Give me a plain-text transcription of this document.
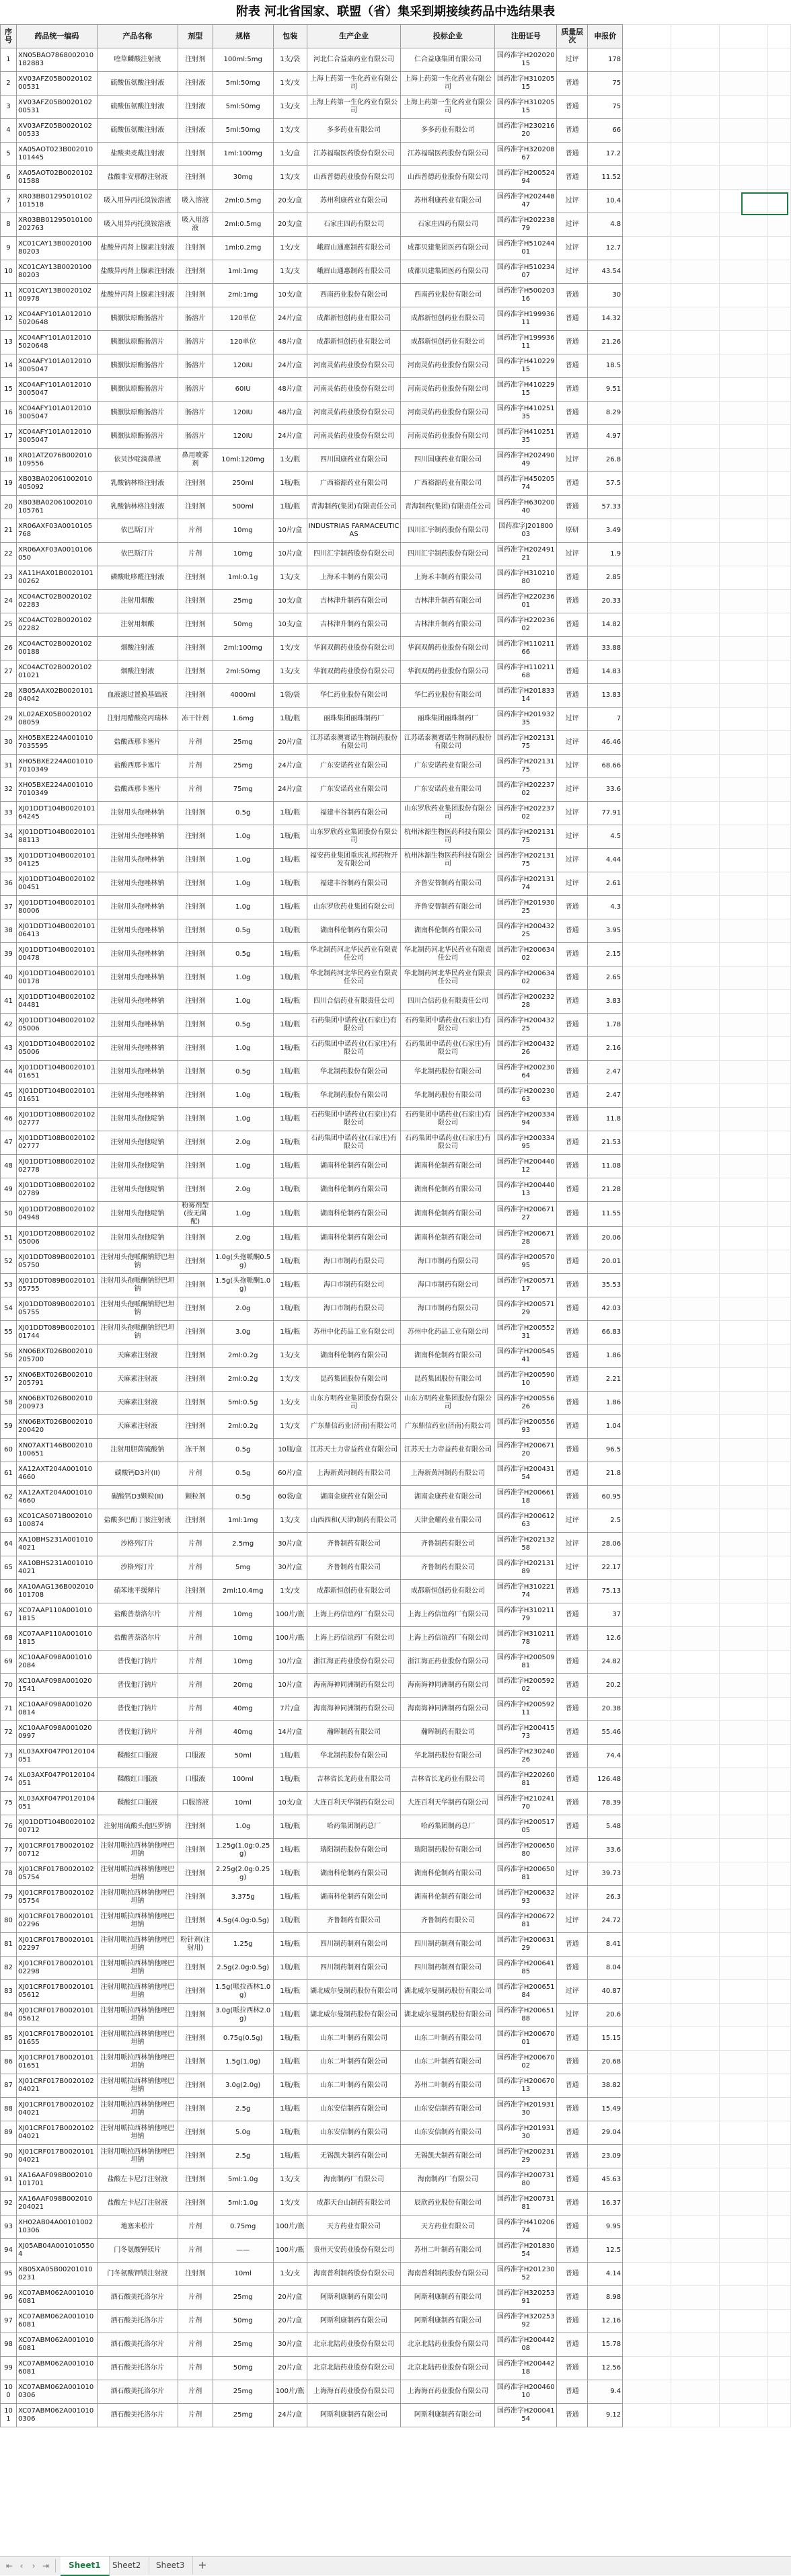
附表 河北省国家、联盟（省）集采到期接续药品中选结果表
序号	药品统一编码	产品名称	剂型	规格	包装	生产企业	投标企业	注册证号	质量层次	申报价				
1	XN05BAO7868002010182883	喹草麟酸注射液	注射剂	100ml:5mg	1支/袋	河北仁合益康药业有限公司	仁合益康集团有限公司	国药准字H20202015	过评	178				
2	XV03AFZ05B002010200531	硫酸伍氨酸注射液	注射液	5ml:50mg	1支/支	上海上药第一生化药业有限公司	上海上药第一生化药业有限公司	国药准字H31020515	普通	75				
3	XV03AFZ05B002010200531	硫酸伍氨酸注射液	注射液	5ml:50mg	1支/支	上海上药第一生化药业有限公司	上海上药第一生化药业有限公司	国药准字H31020515	普通	75				
4	XV03AFZ05B002010200533	硫酸伍氨酸注射液	注射液	5ml:50mg	1支/支	多多药业有限公司	多多药业有限公司	国药准字H23021620	普通	66				
5	XA05AOT023B002010101445	盐酸卖麦戴注射液	注射剂	1ml:100mg	1支/盒	江苏福瑞医药股份有限公司	江苏福瑞医药股份有限公司	国药准字H32020867	普通	17.2				
6	XA05AOT02B002010201588	盐酸非安那醇注射液	注射剂	30mg	1支/支	山西普德药业股份有限公司	山西普德药业股份有限公司	国药准字H20052494	普通	11.52				
7	XR03BB01295010102101518	吸入用异丙托溴铵溶液	吸入溶液	2ml:0.5mg	20支/盒	苏州利康药业有限公司	苏州利康药业有限公司	国药准字H20244847	过评	10.4				
8	XR03BB01295010100202763	吸入用异丙托溴铵溶液	吸入用溶液	2ml:0.5mg	20支/盒	石家庄四药有限公司	石家庄四药有限公司	国药准字H20223879	过评	4.8				
9	XC01CAY13B002010080203	盐酸异丙肾上腺素注射液	注射剂	1ml:0.2mg	1支/支	峨眉山通惠制药有限公司	成都贝建集团医药有限公司	国药准字H51024401	过评	12.7				
10	XC01CAY13B002010080203	盐酸异丙肾上腺素注射液	注射剂	1ml:1mg	1支/支	峨眉山通惠制药有限公司	成都贝建集团医药有限公司	国药准字H51023407	过评	43.54				
11	XC01CAY13B002010200978	盐酸异丙肾上腺素注射液	注射剂	2ml:1mg	10支/盒	西南药业股份有限公司	西南药业股份有限公司	国药准字H50020316	普通	30				
12	XC04AFY101A0120105020648	胰激肽原酶肠溶片	肠溶片	120单位	24片/盒	成都新恒创药业有限公司	成都新恒创药业有限公司	国药准字H19993611	普通	14.32				
13	XC04AFY101A0120105020648	胰激肽原酶肠溶片	肠溶片	120单位	48片/盒	成都新恒创药业有限公司	成都新恒创药业有限公司	国药准字H19993611	普通	21.26				
14	XC04AFY101A0120103005047	胰激肽原酶肠溶片	肠溶片	120IU	24片/盒	河南灵佑药业股份有限公司	河南灵佑药业股份有限公司	国药准字H41022915	普通	18.5				
15	XC04AFY101A0120103005047	胰激肽原酶肠溶片	肠溶片	60IU	48片/盒	河南灵佑药业股份有限公司	河南灵佑药业股份有限公司	国药准字H41022915	普通	9.51				
16	XC04AFY101A0120103005047	胰激肽原酶肠溶片	肠溶片	120IU	48片/盒	河南灵佑药业股份有限公司	河南灵佑药业股份有限公司	国药准字H41025135	普通	8.29				
17	XC04AFY101A0120103005047	胰激肽原酶肠溶片	肠溶片	120IU	24片/盒	河南灵佑药业股份有限公司	河南灵佑药业股份有限公司	国药准字H41025135	普通	4.97				
18	XR01ATZ076B002010109556	依贝沙啶滴鼻液	鼻用喷雾剂	10ml:120mg	1支/瓶	四川国康药业有限公司	四川国康药业有限公司	国药准字H20249049	过评	26.8				
19	XB03BA02061002010405092	乳酸钠林格注射液	注射剂	250ml	1瓶/瓶	广西裕源药业有限公司	广西裕源药业有限公司	国药准字H45020574	普通	57.5				
20	XB03BA02061002010105761	乳酸钠林格注射液	注射剂	500ml	1瓶/瓶	青海制药(集团)有限责任公司	青海制药(集团)有限责任公司	国药准字H63020040	普通	57.33				
21	XR06AXF03A0010105768	依巴斯汀片	片剂	10mg	10片/盒	INDUSTRIAS FARMACEUTICAS	四川汇宇制药股份有限公司	国药准字J20180003	原研	3.49				
22	XR06AXF03A0010106050	依巴斯汀片	片剂	10mg	10片/盒	四川汇宇制药股份有限公司	四川汇宇制药股份有限公司	国药准字H20249121	过评	1.9				
23	XA11HAX01B002010100262	磷酸吡哆醛注射液	注射剂	1ml:0.1g	1支/支	上海禾丰制药有限公司	上海禾丰制药有限公司	国药准字H31021080	普通	2.85				
24	XC04ACT02B002010202283	注射用烟酸	注射剂	25mg	10支/盒	吉林津升制药有限公司	吉林津升制药有限公司	国药准字H22023601	普通	20.33				
25	XC04ACT02B002010202282	注射用烟酸	注射剂	50mg	10支/盒	吉林津升制药有限公司	吉林津升制药有限公司	国药准字H22023602	普通	14.82				
26	XC04ACT02B002010200188	烟酸注射液	注射剂	2ml:100mg	1支/支	华润双鹤药业股份有限公司	华润双鹤药业股份有限公司	国药准字H11021166	普通	33.88				
27	XC04ACT02B002010201021	烟酸注射液	注射剂	2ml:50mg	1支/支	华润双鹤药业股份有限公司	华润双鹤药业股份有限公司	国药准字H11021168	普通	14.83				
28	XB05AAX02B002010104042	血液滤过置换基础液	注射剂	4000ml	1袋/袋	华仁药业股份有限公司	华仁药业股份有限公司	国药准字H20183314	普通	13.83				
29	XL02AEX05B002010208059	注射用醋酸亮丙瑞林	冻干针剂	1.6mg	1瓶/瓶	丽珠集团丽珠制药厂	丽珠集团丽珠制药厂	国药准字H20193235	过评	7				
30	XH05BXE224A0010107035595	盐酸西那卡塞片	片剂	25mg	20片/盒	江苏诺泰澳赛诺生物制药股份有限公司	江苏诺泰澳赛诺生物制药股份有限公司	国药准字H20213175	过评	46.46				
31	XH05BXE224A0010107010349	盐酸西那卡塞片	片剂	25mg	24片/盒	广东安诺药业有限公司	广东安诺药业有限公司	国药准字H20213175	过评	68.66				
32	XH05BXE224A0010107010349	盐酸西那卡塞片	片剂	75mg	24片/盒	广东安诺药业有限公司	广东安诺药业有限公司	国药准字H20223702	过评	33.6				
33	XJ01DDT104B002010164245	注射用头孢唑林钠	注射剂	0.5g	1瓶/瓶	福建丰谷制药有限公司	山东罗欣药业集团股份有限公司	国药准字H20223702	过评	77.91				
34	XJ01DDT104B002010188113	注射用头孢唑林钠	注射剂	1.0g	1瓶/瓶	山东罗欣药业集团股份有限公司	杭州沐源生物医药科技有限公司	国药准字H20213175	过评	4.5				
35	XJ01DDT104B002010104125	注射用头孢唑林钠	注射剂	1.0g	1瓶/瓶	福安药业集团重庆礼邦药物开发有限公司	杭州沐源生物医药科技有限公司	国药准字H20213175	过评	4.44				
36	XJ01DDT104B002010200451	注射用头孢唑林钠	注射剂	1.0g	1瓶/瓶	福建丰谷制药有限公司	齐鲁安替制药有限公司	国药准字H20213174	过评	2.61				
37	XJ01DDT104B002010180006	注射用头孢唑林钠	注射剂	1.0g	1瓶/瓶	山东罗欣药业集团有限公司	齐鲁安替制药有限公司	国药准字H20193025	普通	4.3				
38	XJ01DDT104B002010106413	注射用头孢唑林钠	注射剂	0.5g	1瓶/瓶	湖南科伦制药有限公司	湖南科伦制药有限公司	国药准字H20043225	普通	3.95				
39	XJ01DDT104B002010100478	注射用头孢唑林钠	注射剂	0.5g	1瓶/瓶	华北制药河北华民药业有限责任公司	华北制药河北华民药业有限责任公司	国药准字H20063402	普通	2.15				
40	XJ01DDT104B002010100178	注射用头孢唑林钠	注射剂	1.0g	1瓶/瓶	华北制药河北华民药业有限责任公司	华北制药河北华民药业有限责任公司	国药准字H20063402	普通	2.65				
41	XJ01DDT104B002010204481	注射用头孢唑林钠	注射剂	1.0g	1瓶/瓶	四川合信药业有限责任公司	四川合信药业有限责任公司	国药准字H20023228	普通	3.83				
42	XJ01DDT104B002010205006	注射用头孢唑林钠	注射剂	0.5g	1瓶/瓶	石药集团中诺药业(石家庄)有限公司	石药集团中诺药业(石家庄)有限公司	国药准字H20043225	普通	1.78				
43	XJ01DDT104B002010205006	注射用头孢唑林钠	注射剂	1.0g	1瓶/瓶	石药集团中诺药业(石家庄)有限公司	石药集团中诺药业(石家庄)有限公司	国药准字H20043226	普通	2.16				
44	XJ01DDT104B002010101651	注射用头孢唑林钠	注射剂	0.5g	1瓶/瓶	华北制药股份有限公司	华北制药股份有限公司	国药准字H20023064	普通	2.47				
45	XJ01DDT104B002010101651	注射用头孢唑林钠	注射剂	1.0g	1瓶/瓶	华北制药股份有限公司	华北制药股份有限公司	国药准字H20023063	普通	2.47				
46	XJ01DDT108B002010202777	注射用头孢他啶钠	注射剂	1.0g	1瓶/瓶	石药集团中诺药业(石家庄)有限公司	石药集团中诺药业(石家庄)有限公司	国药准字H20033494	普通	11.8				
47	XJ01DDT108B002010202777	注射用头孢他啶钠	注射剂	2.0g	1瓶/瓶	石药集团中诺药业(石家庄)有限公司	石药集团中诺药业(石家庄)有限公司	国药准字H20033495	普通	21.53				
48	XJ01DDT108B002010202778	注射用头孢他啶钠	注射剂	1.0g	1瓶/瓶	湖南科伦制药有限公司	湖南科伦制药有限公司	国药准字H20044012	普通	11.08				
49	XJ01DDT108B002010202789	注射用头孢他啶钠	注射剂	2.0g	1瓶/瓶	湖南科伦制药有限公司	湖南科伦制药有限公司	国药准字H20044013	普通	21.28				
50	XJ01DDT208B002010204948	注射用头孢他啶钠	粉雾剂型(按无菌配)	1.0g	1瓶/瓶	湖南科伦制药有限公司	湖南科伦制药有限公司	国药准字H20067127	普通	11.55				
51	XJ01DDT208B002010205006	注射用头孢他啶钠	注射剂	2.0g	1瓶/瓶	湖南科伦制药有限公司	湖南科伦制药有限公司	国药准字H20067128	普通	20.06				
52	XJ01DDT089B002010105750	注射用头孢哌酮钠舒巴坦钠	注射剂	1.0g(头孢哌酮0.5g)	1瓶/瓶	海口市制药有限公司	海口市制药有限公司	国药准字H20057095	普通	20.01				
53	XJ01DDT089B002010105755	注射用头孢哌酮钠舒巴坦钠	注射剂	1.5g(头孢哌酮1.0g)	1瓶/瓶	海口市制药有限公司	海口市制药有限公司	国药准字H20057117	普通	35.53				
54	XJ01DDT089B002010105755	注射用头孢哌酮钠舒巴坦钠	注射剂	2.0g	1瓶/瓶	海口市制药有限公司	海口市制药有限公司	国药准字H20057129	普通	42.03				
55	XJ01DDT089B002010101744	注射用头孢哌酮钠舒巴坦钠	注射剂	3.0g	1瓶/瓶	苏州中化药品工业有限公司	苏州中化药品工业有限公司	国药准字H20055231	普通	66.83				
56	XN06BXT026B002010205700	天麻素注射液	注射剂	2ml:0.2g	1支/支	湖南科伦制药有限公司	湖南科伦制药有限公司	国药准字H20054541	普通	1.86				
57	XN06BXT026B002010205791	天麻素注射液	注射剂	2ml:0.2g	1支/支	昆药集团股份有限公司	昆药集团股份有限公司	国药准字H20059010	普通	2.21				
58	XN06BXT026B002010200973	天麻素注射液	注射剂	5ml:0.5g	1支/支	山东方明药业集团股份有限公司	山东方明药业集团股份有限公司	国药准字H20055626	普通	1.86				
59	XN06BXT026B002010200420	天麻素注射液	注射剂	2ml:0.2g	1支/支	广东鼎信药业(济南)有限公司	广东鼎信药业(济南)有限公司	国药准字H20055693	普通	1.04				
60	XN07AXT146B002010100651	注射用胆茵硫酸钠	冻干剂	0.5g	10瓶/盒	江苏天士力帝益药业有限公司	江苏天士力帝益药业有限公司	国药准字H20067120	普通	96.5				
61	XA12AXT204A0010104660	碳酸钙D3片(II)	片剂	0.5g	60片/盒	上海新黄河制药有限公司	上海新黄河制药有限公司	国药准字H20043154	普通	21.8				
62	XA12AXT204A0010104660	碳酸钙D3颗粒(II)	颗粒剂	0.5g	60袋/盒	湖南金康药业有限公司	湖南金康药业有限公司	国药准字H20066118	普通	60.95				
63	XC01CAS071B002010100874	盐酸多巴酚丁胺注射液	注射剂	1ml:1mg	1支/支	山西四和(天津)制药有限公司	天津金耀药业有限公司	国药准字H20061263	过评	2.5				
64	XA10BHS231A0010104021	沙格列汀片	片剂	2.5mg	30片/盒	齐鲁制药有限公司	齐鲁制药有限公司	国药准字H20213258	过评	28.06				
65	XA10BHS231A0010104021	沙格列汀片	片剂	5mg	30片/盒	齐鲁制药有限公司	齐鲁制药有限公司	国药准字H20213189	过评	22.17				
66	XA10AAG136B002010101708	硝苯地平缓释片	注射剂	2ml:10.4mg	1支/支	成都新恒创药业有限公司	成都新恒创药业有限公司	国药准字H31022174	普通	75.13				
67	XC07AAP110A0010101815	盐酸普萘洛尔片	片剂	10mg	100片/瓶	上海上药信谊药厂有限公司	上海上药信谊药厂有限公司	国药准字H31021179	普通	37				
68	XC07AAP110A0010101815	盐酸普萘洛尔片	片剂	10mg	100片/瓶	上海上药信谊药厂有限公司	上海上药信谊药厂有限公司	国药准字H31021178	普通	12.6				
69	XC10AAF098A0010102084	普伐他汀钠片	片剂	10mg	10片/盒	浙江海正药业股份有限公司	浙江海正药业股份有限公司	国药准字H20050981	普通	24.82				
70	XC10AAF098A0010201541	普伐他汀钠片	片剂	20mg	10片/盒	海南海神同洲制药有限公司	海南海神同洲制药有限公司	国药准字H20059202	普通	20.2				
71	XC10AAF098A0010200814	普伐他汀钠片	片剂	40mg	7片/盒	海南海神同洲制药有限公司	海南海神同洲制药有限公司	国药准字H20059211	普通	20.38				
72	XC10AAF098A0010200997	普伐他汀钠片	片剂	40mg	14片/盒	瀚晖制药有限公司	瀚晖制药有限公司	国药准字H20041573	普通	55.46				
73	XL03AXF047P0120104051	鞣酸红口服液	口服液	50ml	1瓶/瓶	华北制药股份有限公司	华北制药股份有限公司	国药准字H23024026	普通	74.4				
74	XL03AXF047P0120104051	鞣酸红口服液	口服液	100ml	1瓶/瓶	吉林省长龙药业有限公司	吉林省长龙药业有限公司	国药准字H22026081	普通	126.48				
75	XL03AXF047P0120104051	鞣酸红口服液	口服溶液	10ml	10支/盒	大连百利天华制药有限公司	大连百利天华制药有限公司	国药准字H21024170	普通	78.39				
76	XJ01DDT104B002010200712	注射用硫酸头孢匹罗钠	注射剂	1.0g	1瓶/瓶	哈药集团制药总厂	哈药集团制药总厂	国药准字H20051705	普通	5.48				
77	XJ01CRF017B002010200712	注射用哌拉西林钠他唑巴坦钠	注射剂	1.25g(1.0g:0.25g)	1瓶/瓶	瑞阳制药股份有限公司	瑞阳制药股份有限公司	国药准字H20065080	过评	33.6				
78	XJ01CRF017B002010205754	注射用哌拉西林钠他唑巴坦钠	注射剂	2.25g(2.0g:0.25g)	1瓶/瓶	湖南科伦制药有限公司	湖南科伦制药有限公司	国药准字H20065081	过评	39.73				
79	XJ01CRF017B002010205754	注射用哌拉西林钠他唑巴坦钠	注射剂	3.375g	1瓶/瓶	湖南科伦制药有限公司	湖南科伦制药有限公司	国药准字H20063293	过评	26.3				
80	XJ01CRF017B002010102296	注射用哌拉西林钠他唑巴坦钠	注射剂	4.5g(4.0g:0.5g)	1瓶/瓶	齐鲁制药有限公司	齐鲁制药有限公司	国药准字H20067281	过评	24.72				
81	XJ01CRF017B002010102297	注射用哌拉西林钠他唑巴坦钠	粉针剂(注射用)	1.25g	1瓶/瓶	四川制药制剂有限公司	四川制药制剂有限公司	国药准字H20063129	普通	8.41				
82	XJ01CRF017B002010102298	注射用哌拉西林钠他唑巴坦钠	注射剂	2.5g(2.0g:0.5g)	1瓶/瓶	四川制药制剂有限公司	四川制药制剂有限公司	国药准字H20064185	普通	8.04				
83	XJ01CRF017B002010105612	注射用哌拉西林钠他唑巴坦钠	注射剂	1.5g(哌拉西林1.0g)	1瓶/瓶	湖北威尔曼制药股份有限公司	湖北威尔曼制药股份有限公司	国药准字H20065184	过评	40.87				
84	XJ01CRF017B002010105612	注射用哌拉西林钠他唑巴坦钠	注射剂	3.0g(哌拉西林2.0g)	1瓶/瓶	湖北威尔曼制药股份有限公司	湖北威尔曼制药股份有限公司	国药准字H20065188	过评	20.6				
85	XJ01CRF017B002010101655	注射用哌拉西林钠他唑巴坦钠	注射剂	0.75g(0.5g)	1瓶/瓶	山东二叶制药有限公司	山东二叶制药有限公司	国药准字H20067001	普通	15.15				
86	XJ01CRF017B002010101651	注射用哌拉西林钠他唑巴坦钠	注射剂	1.5g(1.0g)	1瓶/瓶	山东二叶制药有限公司	山东二叶制药有限公司	国药准字H20067002	普通	20.68				
87	XJ01CRF017B002010204021	注射用哌拉西林钠他唑巴坦钠	注射剂	3.0g(2.0g)	1瓶/瓶	山东二叶制药有限公司	苏州二叶制药有限公司	国药准字H20067013	普通	38.82				
88	XJ01CRF017B002010204021	注射用哌拉西林钠他唑巴坦钠	注射剂	2.5g	1瓶/瓶	山东安信制药有限公司	山东安信制药有限公司	国药准字H20193130	普通	15.49				
89	XJ01CRF017B002010204021	注射用哌拉西林钠他唑巴坦钠	注射剂	5.0g	1瓶/瓶	山东安信制药有限公司	山东安信制药有限公司	国药准字H20193130	普通	29.04				
90	XJ01CRF017B002010104021	注射用哌拉西林钠他唑巴坦钠	注射剂	2.5g	1瓶/瓶	无锡凯夫制药有限公司	无锡凯夫制药有限公司	国药准字H20023129	普通	23.09				
91	XA16AAF098B002010101701	盐酸左卡尼汀注射液	注射剂	5ml:1.0g	1支/支	海南制药厂有限公司	海南制药厂有限公司	国药准字H20073180	普通	45.63				
92	XA16AAF098B002010204021	盐酸左卡尼汀注射液	注射剂	5ml:1.0g	1支/支	成都天台山制药有限公司	辰欣药业股份有限公司	国药准字H20073181	普通	16.37				
93	XH02AB04A0010100210306	地塞米松片	片剂	0.75mg	100片/瓶	天方药业有限公司	天方药业有限公司	国药准字H41020674	普通	9.95				
94	XJ05AB04A0010105504	门冬氨酸钾镁片	片剂	——	100片/瓶	贵州天安药业股份有限公司	苏州二叶制药有限公司	国药准字H20183054	普通	12.5				
95	XB05XA05B002010100231	门冬氨酸钾镁注射液	注射剂	10ml	1支/支	海南普利制药股份有限公司	海南普利制药股份有限公司	国药准字H20123052	普通	4.14				
96	XC07ABM062A0010106081	酒石酸美托洛尔片	片剂	25mg	20片/盒	阿斯利康制药有限公司	阿斯利康制药有限公司	国药准字H32025391	普通	8.98				
97	XC07ABM062A0010106081	酒石酸美托洛尔片	片剂	50mg	20片/盒	阿斯利康制药有限公司	阿斯利康制药有限公司	国药准字H32025392	普通	12.16				
98	XC07ABM062A0010106081	酒石酸美托洛尔片	片剂	25mg	30片/盒	北京北陆药业股份有限公司	北京北陆药业股份有限公司	国药准字H20044208	普通	15.78				
99	XC07ABM062A0010106081	酒石酸美托洛尔片	片剂	50mg	20片/盒	北京北陆药业股份有限公司	北京北陆药业股份有限公司	国药准字H20044218	普通	12.56				
100	XC07ABM062A0010100306	酒石酸美托洛尔片	片剂	25mg	100片/瓶	上海海百药业股份有限公司	上海海百药业股份有限公司	国药准字H20046010	普通	9.4				
101	XC07ABM062A0010100306	酒石酸美托洛尔片	片剂	25mg	24片/盒	阿斯利康制药有限公司	阿斯利康制药有限公司	国药准字H20004154	普通	9.12				
⇤ ‹	› ⇥	Sheet1	Sheet2	Sheet3	+
